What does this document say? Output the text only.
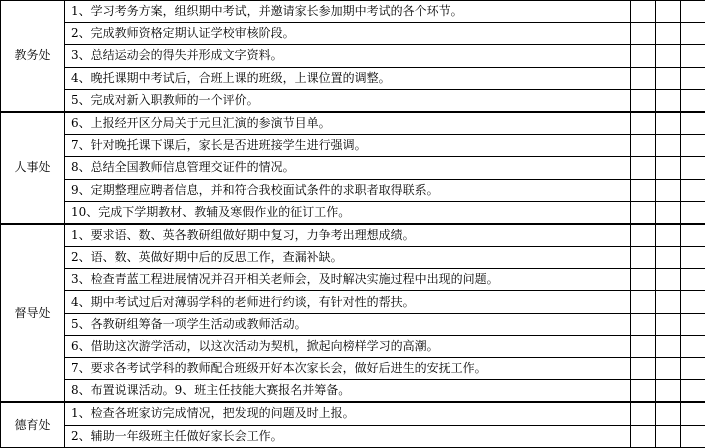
教务处	1、学习考务方案，组织期中考试，并邀请家长参加期中考试的各个环节。			
	2、完成教师资格定期认证学校审核阶段。			
	3、总结运动会的得失并形成文字资料。			
	4、晚托课期中考试后，合班上课的班级，上课位置的调整。			
	5、完成对新入职教师的一个评价。			
人事处	6、上报经开区分局关于元旦汇演的参演节目单。			
	7、针对晚托课下课后，家长是否进班接学生进行强调。			
	8、总结全国教师信息管理交证件的情况。			
	9、定期整理应聘者信息，并和符合我校面试条件的求职者取得联系。			
	10、完成下学期教材、教辅及寒假作业的征订工作。			
督导处	1、要求语、数、英各教研组做好期中复习，力争考出理想成绩。			
	2、语、数、英做好期中后的反思工作，查漏补缺。			
	3、检查青蓝工程进展情况并召开相关老师会，及时解决实施过程中出现的问题。			
	4、期中考试过后对薄弱学科的老师进行约谈，有针对性的帮扶。			
	5、各教研组筹备一项学生活动或教师活动。			
	6、借助这次游学活动，以这次活动为契机，掀起向榜样学习的高潮。			
	7、要求各考试学科的教师配合班级开好本次家长会，做好后进生的安抚工作。			
	8、布置说课活动。9、班主任技能大赛报名并筹备。			
德育处	1、检查各班家访完成情况，把发现的问题及时上报。			
	2、辅助一年级班主任做好家长会工作。			
